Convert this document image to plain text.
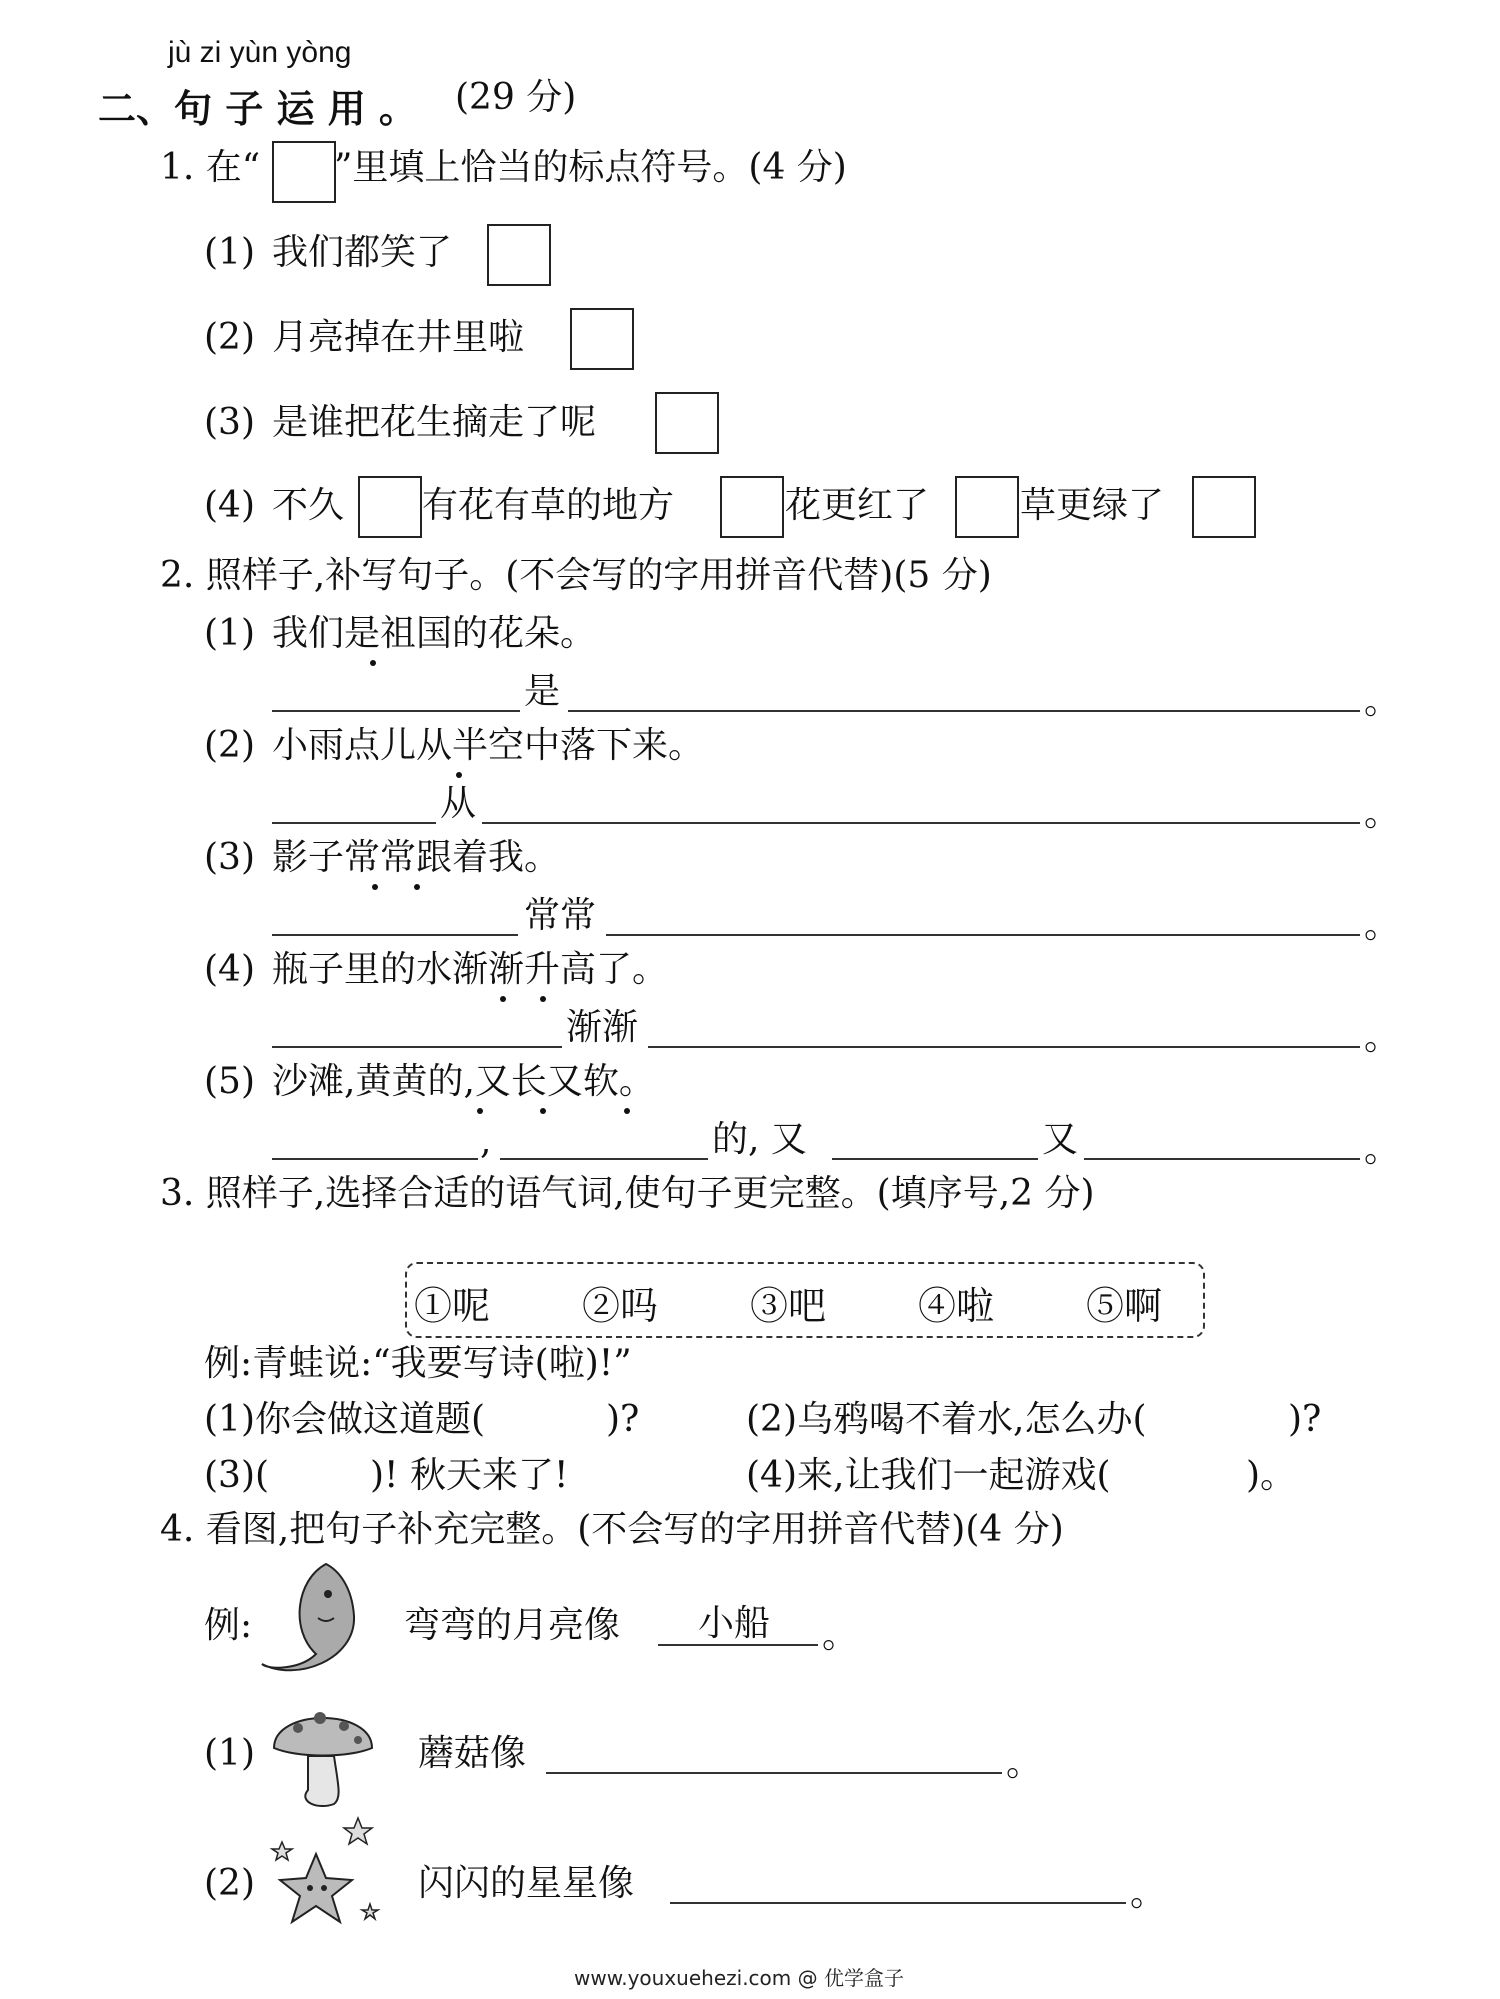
jù zi yùn yòng
二、句 子 运 用 。 (29 分)
1. 在“ ”里填上恰当的标点符号。(4 分)
(1) 我们都笑了
(2) 月亮掉在井里啦
(3) 是谁把花生摘走了呢
(4) 不久 有花有草的地方	花更红了	草更绿了
2. 照样子,补写句子。(不会写的字用拼音代替)(5 分)
(1) 我们是祖国的花朵。
是	。
(2) 小雨点儿从半空中落下来。
从	。
(3) 影子常常跟着我。
常常	。
(4) 瓶子里的水渐渐升高了。
渐渐	。
(5) 沙滩,黄黄的,又长又软。
,	的, 又	又	。
3. 照样子,选择合适的语气词,使句子更完整。(填序号,2 分)
①呢 ②吗 ③吧 ④啦 ⑤啊
例:青蛙说:“我要写诗(啦)!”
(1)你会做这道题(	)?	(2)乌鸦喝不着水,怎么办(	)?
(3)(	)! 秋天来了!	(4)来,让我们一起游戏(	)。
4. 看图,把句子补充完整。(不会写的字用拼音代替)(4 分)
例:	弯弯的月亮像 小船 。
(1)	蘑菇像	。
(2)	闪闪的星星像	。
www.youxuehezi.com @ 优学盒子
